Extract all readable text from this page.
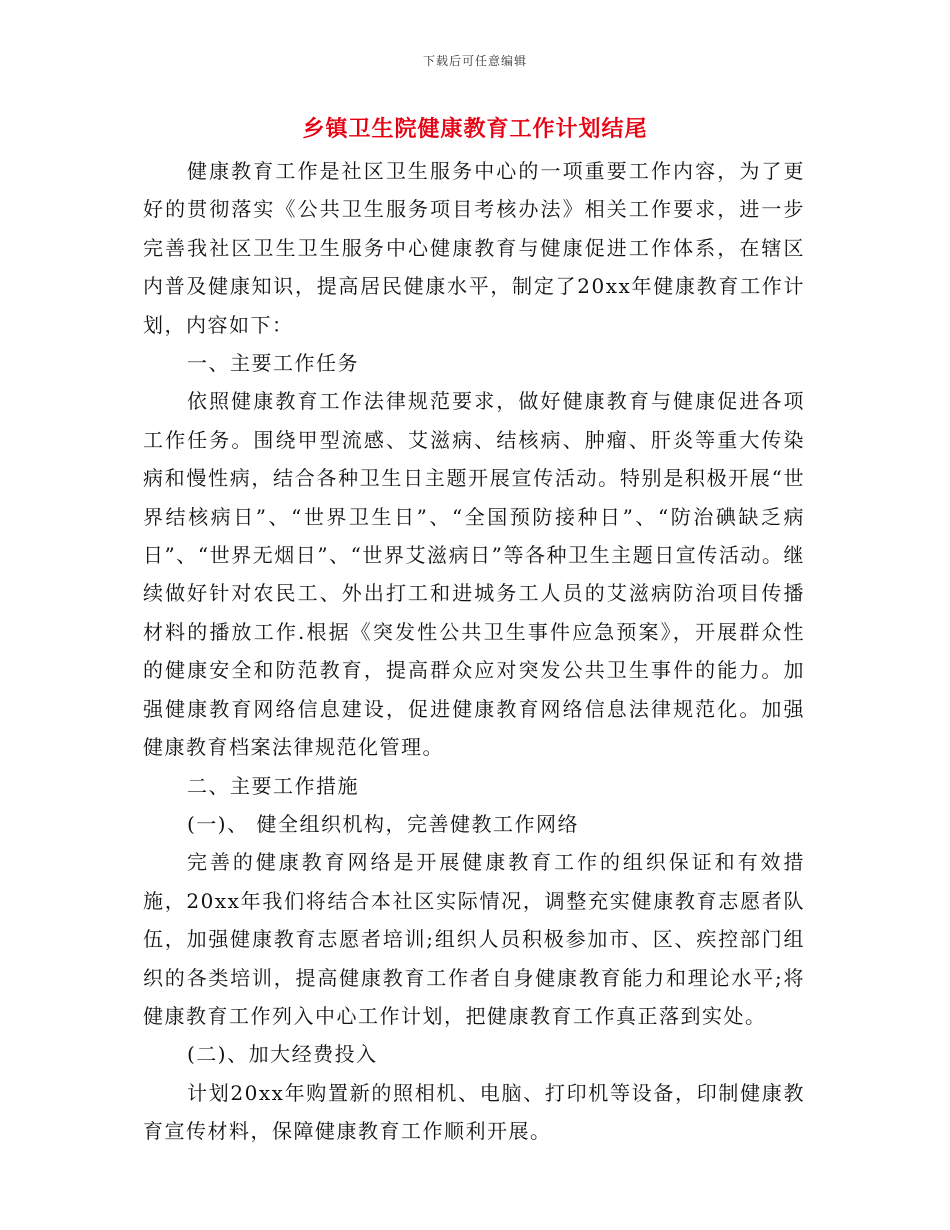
下载后可任意编辑
乡镇卫生院健康教育工作计划结尾

健康教育工作是社区卫生服务中心的一项重要工作内容，为了更好的贯彻落实《公共卫生服务项目考核办法》相关工作要求，进一步完善我社区卫生卫生服务中心健康教育与健康促进工作体系，在辖区内普及健康知识，提高居民健康水平，制定了20xx年健康教育工作计划，内容如下：

一、主要工作任务

依照健康教育工作法律规范要求，做好健康教育与健康促进各项工作任务。围绕甲型流感、艾滋病、结核病、肿瘤、肝炎等重大传染病和慢性病，结合各种卫生日主题开展宣传活动。特别是积极开展“世界结核病日”、“世界卫生日”、“全国预防接种日”、“防治碘缺乏病日”、“世界无烟日”、“世界艾滋病日”等各种卫生主题日宣传活动。继续做好针对农民工、外出打工和进城务工人员的艾滋病防治项目传播材料的播放工作.根据《突发性公共卫生事件应急预案》，开展群众性的健康安全和防范教育，提高群众应对突发公共卫生事件的能力。加强健康教育网络信息建设，促进健康教育网络信息法律规范化。加强健康教育档案法律规范化管理。

二、主要工作措施

(一)、 健全组织机构，完善健教工作网络

完善的健康教育网络是开展健康教育工作的组织保证和有效措施，20xx年我们将结合本社区实际情况，调整充实健康教育志愿者队伍，加强健康教育志愿者培训;组织人员积极参加市、区、疾控部门组织的各类培训，提高健康教育工作者自身健康教育能力和理论水平;将健康教育工作列入中心工作计划，把健康教育工作真正落到实处。

(二)、加大经费投入

计划20xx年购置新的照相机、电脑、打印机等设备，印制健康教育宣传材料，保障健康教育工作顺利开展。
